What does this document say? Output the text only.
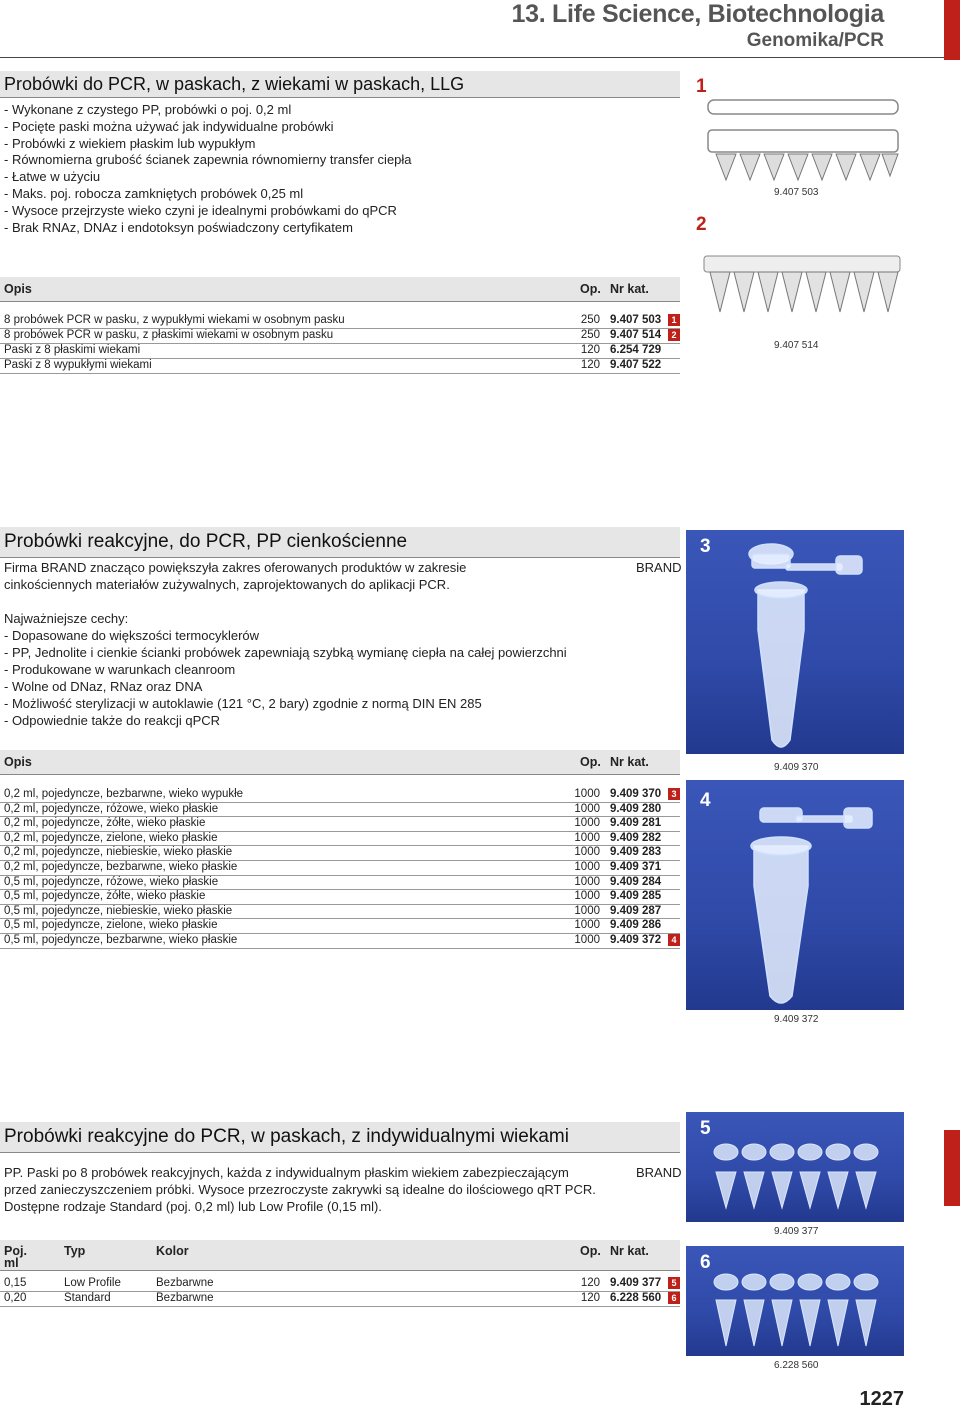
13. Life Science, Biotechnologia
Genomika/PCR
Probówki do PCR, w paskach, z wiekami w paskach, LLG
- Wykonane z czystego PP, probówki o poj. 0,2 ml
- Pocięte paski można używać jak indywidualne probówki
- Probówki z wiekiem płaskim lub wypukłym
- Równomierna grubość ścianek zapewnia równomierny transfer ciepła
- Łatwe w użyciu
- Maks. poj. robocza zamkniętych probówek 0,25 ml
- Wysoce przejrzyste wieko czyni je idealnymi probówkami do qPCR
- Brak RNAz, DNAz i endotoksyn poświadczony certyfikatem
Opis	Op. Nr kat.
8 probówek PCR w pasku, z wypukłymi wiekami w osobnym pasku	250 9.407 503	1
8 probówek PCR w pasku, z płaskimi wiekami w osobnym pasku	250 9.407 514	2
Paski z 8 płaskimi wiekami	120 6.254 729
Paski z 8 wypukłymi wiekami	120 9.407 522
1
9.407 503
2
9.407 514
Probówki reakcyjne, do PCR, PP cienkościenne
Firma BRAND znacząco powiększyła zakres oferowanych produktów w zakresie
cinkościennych materiałów zużywalnych, zaprojektowanych do aplikacji PCR.
BRAND
Najważniejsze cechy:
- Dopasowane do większości termocyklerów
- PP, Jednolite i cienkie ścianki probówek zapewniają szybką wymianę ciepła na całej powierzchni
- Produkowane w warunkach cleanroom
- Wolne od DNaz, RNaz oraz DNA
- Możliwość sterylizacji w autoklawie (121 °C, 2 bary) zgodnie z normą DIN EN 285
- Odpowiednie także do reakcji qPCR
Opis	Op. Nr kat.
0,2 ml, pojedyncze, bezbarwne, wieko wypukłe	1000 9.409 370	3
0,2 ml, pojedyncze, różowe, wieko płaskie	1000 9.409 280
0,2 ml, pojedyncze, żółte, wieko płaskie	1000 9.409 281
0,2 ml, pojedyncze, zielone, wieko płaskie	1000 9.409 282
0,2 ml, pojedyncze, niebieskie, wieko płaskie	1000 9.409 283
0,2 ml, pojedyncze, bezbarwne, wieko płaskie	1000 9.409 371
0,5 ml, pojedyncze, różowe, wieko płaskie	1000 9.409 284
0,5 ml, pojedyncze, żółte, wieko płaskie	1000 9.409 285
0,5 ml, pojedyncze, niebieskie, wieko płaskie	1000 9.409 287
0,5 ml, pojedyncze, zielone, wieko płaskie	1000 9.409 286
0,5 ml, pojedyncze, bezbarwne, wieko płaskie	1000 9.409 372	4
3
9.409 370
4
9.409 372
Probówki reakcyjne do PCR, w paskach, z indywidualnymi wiekami
PP. Paski po 8 probówek reakcyjnych, każda z indywidualnym płaskim wiekiem zabezpieczającym
przed zanieczyszczeniem próbki. Wysoce przezroczyste zakrywki są idealne do ilościowego qRT PCR.
Dostępne rodzaje Standard (poj. 0,2 ml) lub Low Profile (0,15 ml).
BRAND
Poj.
ml
Typ	Kolor	Op. Nr kat.
0,15	Low Profile	Bezbarwne	120 9.409 377	5
0,20	Standard	Bezbarwne	120 6.228 560	6
5
9.409 377
6
6.228 560
1227
